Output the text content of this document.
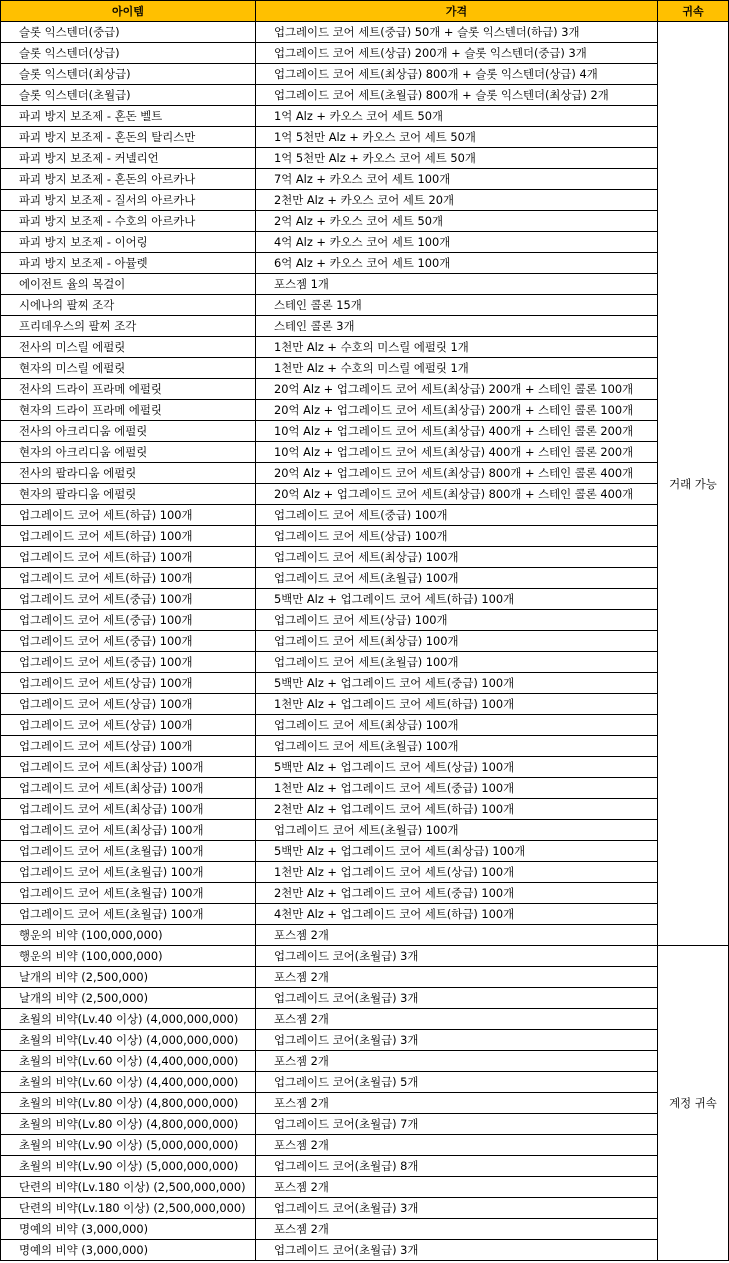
아이템	가격	귀속
슬롯 익스텐더(중급)	업그레이드 코어 세트(중급) 50개 + 슬롯 익스텐더(하급) 3개	거래 가능
슬롯 익스텐더(상급)	업그레이드 코어 세트(상급) 200개 + 슬롯 익스텐더(중급) 3개	
슬롯 익스텐더(최상급)	업그레이드 코어 세트(최상급) 800개 + 슬롯 익스텐더(상급) 4개	
슬롯 익스텐더(초월급)	업그레이드 코어 세트(초월급) 800개 + 슬롯 익스텐더(최상급) 2개	
파괴 방지 보조제 - 혼돈 벨트	1억 Alz + 카오스 코어 세트 50개	
파괴 방지 보조제 - 혼돈의 탈리스만	1억 5천만 Alz + 카오스 코어 세트 50개	
파괴 방지 보조제 - 커넬리언	1억 5천만 Alz + 카오스 코어 세트 50개	
파괴 방지 보조제 - 혼돈의 아르카나	7억 Alz + 카오스 코어 세트 100개	
파괴 방지 보조제 - 질서의 아르카나	2천만 Alz + 카오스 코어 세트 20개	
파괴 방지 보조제 - 수호의 아르카나	2억 Alz + 카오스 코어 세트 50개	
파괴 방지 보조제 - 이어링	4억 Alz + 카오스 코어 세트 100개	
파괴 방지 보조제 - 아뮬렛	6억 Alz + 카오스 코어 세트 100개	
에이전트 율의 목걸이	포스젬 1개	
시에나의 팔찌 조각	스테인 콜론 15개	
프리데우스의 팔찌 조각	스테인 콜론 3개	
전사의 미스릴 에펄릿	1천만 Alz + 수호의 미스릴 에펄릿 1개	
현자의 미스릴 에펄릿	1천만 Alz + 수호의 미스릴 에펄릿 1개	
전사의 드라이 프라메 에펄릿	20억 Alz + 업그레이드 코어 세트(최상급) 200개 + 스테인 콜론 100개	
현자의 드라이 프라메 에펄릿	20억 Alz + 업그레이드 코어 세트(최상급) 200개 + 스테인 콜론 100개	
전사의 아크리디움 에펄릿	10억 Alz + 업그레이드 코어 세트(최상급) 400개 + 스테인 콜론 200개	
현자의 아크리디움 에펄릿	10억 Alz + 업그레이드 코어 세트(최상급) 400개 + 스테인 콜론 200개	
전사의 팔라디움 에펄릿	20억 Alz + 업그레이드 코어 세트(최상급) 800개 + 스테인 콜론 400개	
현자의 팔라디움 에펄릿	20억 Alz + 업그레이드 코어 세트(최상급) 800개 + 스테인 콜론 400개	
업그레이드 코어 세트(하급) 100개	업그레이드 코어 세트(중급) 100개	
업그레이드 코어 세트(하급) 100개	업그레이드 코어 세트(상급) 100개	
업그레이드 코어 세트(하급) 100개	업그레이드 코어 세트(최상급) 100개	
업그레이드 코어 세트(하급) 100개	업그레이드 코어 세트(초월급) 100개	
업그레이드 코어 세트(중급) 100개	5백만 Alz + 업그레이드 코어 세트(하급) 100개	
업그레이드 코어 세트(중급) 100개	업그레이드 코어 세트(상급) 100개	
업그레이드 코어 세트(중급) 100개	업그레이드 코어 세트(최상급) 100개	
업그레이드 코어 세트(중급) 100개	업그레이드 코어 세트(초월급) 100개	
업그레이드 코어 세트(상급) 100개	5백만 Alz + 업그레이드 코어 세트(중급) 100개	
업그레이드 코어 세트(상급) 100개	1천만 Alz + 업그레이드 코어 세트(하급) 100개	
업그레이드 코어 세트(상급) 100개	업그레이드 코어 세트(최상급) 100개	
업그레이드 코어 세트(상급) 100개	업그레이드 코어 세트(초월급) 100개	
업그레이드 코어 세트(최상급) 100개	5백만 Alz + 업그레이드 코어 세트(상급) 100개	
업그레이드 코어 세트(최상급) 100개	1천만 Alz + 업그레이드 코어 세트(중급) 100개	
업그레이드 코어 세트(최상급) 100개	2천만 Alz + 업그레이드 코어 세트(하급) 100개	
업그레이드 코어 세트(최상급) 100개	업그레이드 코어 세트(초월급) 100개	
업그레이드 코어 세트(초월급) 100개	5백만 Alz + 업그레이드 코어 세트(최상급) 100개	
업그레이드 코어 세트(초월급) 100개	1천만 Alz + 업그레이드 코어 세트(상급) 100개	
업그레이드 코어 세트(초월급) 100개	2천만 Alz + 업그레이드 코어 세트(중급) 100개	
업그레이드 코어 세트(초월급) 100개	4천만 Alz + 업그레이드 코어 세트(하급) 100개	
행운의 비약 (100,000,000)	포스젬 2개	
행운의 비약 (100,000,000)	업그레이드 코어(초월급) 3개	계정 귀속
날개의 비약 (2,500,000)	포스젬 2개	
날개의 비약 (2,500,000)	업그레이드 코어(초월급) 3개	
초월의 비약(Lv.40 이상) (4,000,000,000)	포스젬 2개	
초월의 비약(Lv.40 이상) (4,000,000,000)	업그레이드 코어(초월급) 3개	
초월의 비약(Lv.60 이상) (4,400,000,000)	포스젬 2개	
초월의 비약(Lv.60 이상) (4,400,000,000)	업그레이드 코어(초월급) 5개	
초월의 비약(Lv.80 이상) (4,800,000,000)	포스젬 2개	
초월의 비약(Lv.80 이상) (4,800,000,000)	업그레이드 코어(초월급) 7개	
초월의 비약(Lv.90 이상) (5,000,000,000)	포스젬 2개	
초월의 비약(Lv.90 이상) (5,000,000,000)	업그레이드 코어(초월급) 8개	
단련의 비약(Lv.180 이상) (2,500,000,000)	포스젬 2개	
단련의 비약(Lv.180 이상) (2,500,000,000)	업그레이드 코어(초월급) 3개	
명예의 비약 (3,000,000)	포스젬 2개	
명예의 비약 (3,000,000)	업그레이드 코어(초월급) 3개	
